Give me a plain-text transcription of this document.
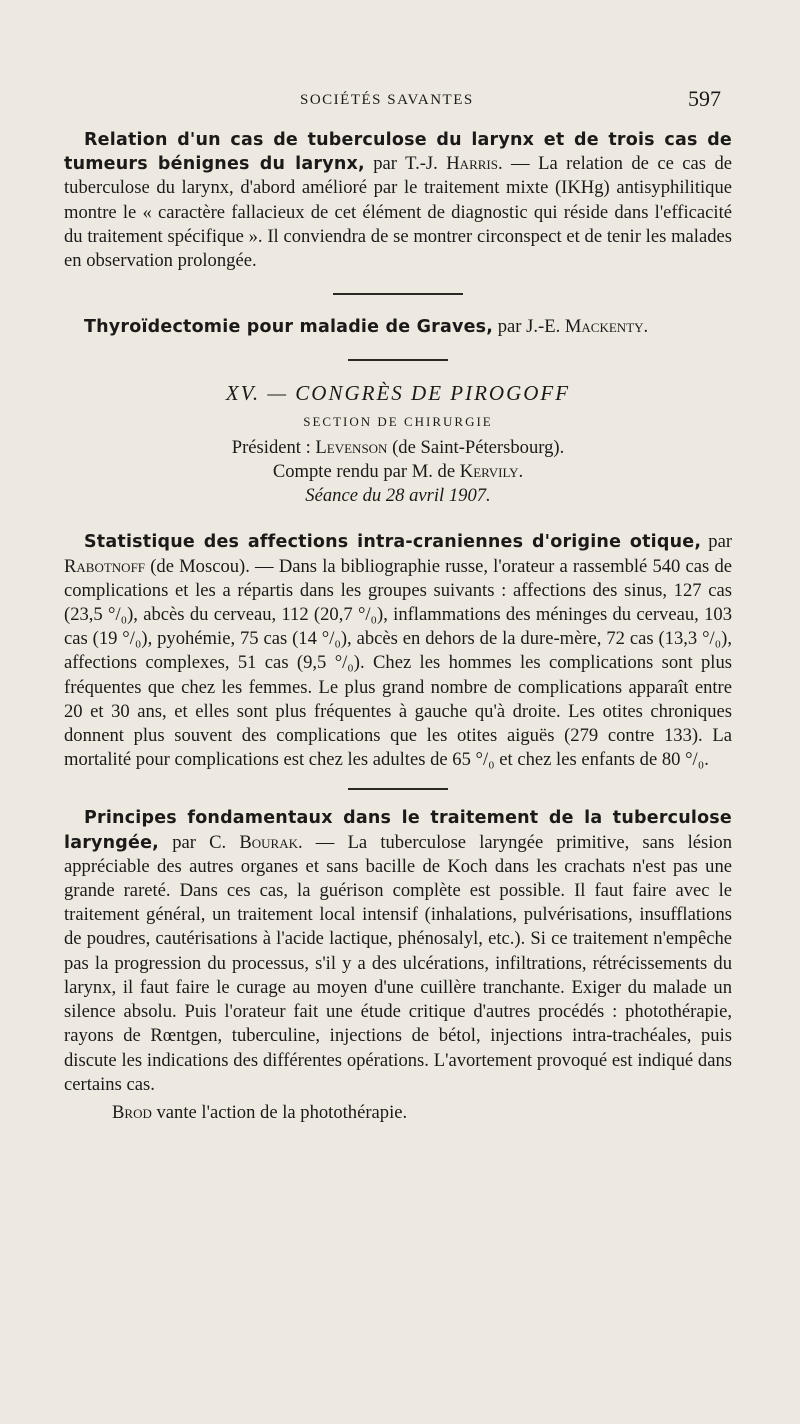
SOCIÉTÉS SAVANTES	597

Relation d'un cas de tuberculose du larynx et de trois cas de tumeurs bénignes du larynx, par T.-J. Harris. — La relation de ce cas de tuberculose du larynx, d'abord amélioré par le traitement mixte (IKHg) antisyphilitique montre le « caractère fallacieux de cet élément de diagnostic qui réside dans l'efficacité du traitement spécifique ». Il conviendra de se montrer circonspect et de tenir les malades en observation prolongée.

Thyroïdectomie pour maladie de Graves, par J.-E. Mackenty.

XV. — CONGRÈS DE PIROGOFF
SECTION DE CHIRURGIE
Président : Levenson (de Saint-Pétersbourg).
Compte rendu par M. de Kervily.
Séance du 28 avril 1907.

Statistique des affections intra-craniennes d'origine otique, par Rabotnoff (de Moscou). — Dans la bibliographie russe, l'orateur a rassemblé 540 cas de complications et les a répartis dans les groupes suivants : affections des sinus, 127 cas (23,5 °/₀), abcès du cerveau, 112 (20,7 °/₀), inflammations des méninges du cerveau, 103 cas (19 °/₀), pyohémie, 75 cas (14 °/₀), abcès en dehors de la dure-mère, 72 cas (13,3 °/₀), affections complexes, 51 cas (9,5 °/₀). Chez les hommes les complications sont plus fréquentes que chez les femmes. Le plus grand nombre de complications apparaît entre 20 et 30 ans, et elles sont plus fréquentes à gauche qu'à droite. Les otites chroniques donnent plus souvent des complications que les otites aiguës (279 contre 133). La mortalité pour complications est chez les adultes de 65 °/₀ et chez les enfants de 80 °/₀.

Principes fondamentaux dans le traitement de la tuberculose laryngée, par C. Bourak. — La tuberculose laryngée primitive, sans lésion appréciable des autres organes et sans bacille de Koch dans les crachats n'est pas une grande rareté. Dans ces cas, la guérison complète est possible. Il faut faire avec le traitement général, un traitement local intensif (inhalations, pulvérisations, insufflations de poudres, cautérisations à l'acide lactique, phénosalyl, etc.). Si ce traitement n'empêche pas la progression du processus, s'il y a des ulcérations, infiltrations, rétrécissements du larynx, il faut faire le curage au moyen d'une cuillère tranchante. Exiger du malade un silence absolu. Puis l'orateur fait une étude critique d'autres procédés : photothérapie, rayons de Rœntgen, tuberculine, injections de bétol, injections intra-trachéales, puis discute les indications des différentes opérations. L'avortement provoqué est indiqué dans certains cas.

Brod vante l'action de la photothérapie.
